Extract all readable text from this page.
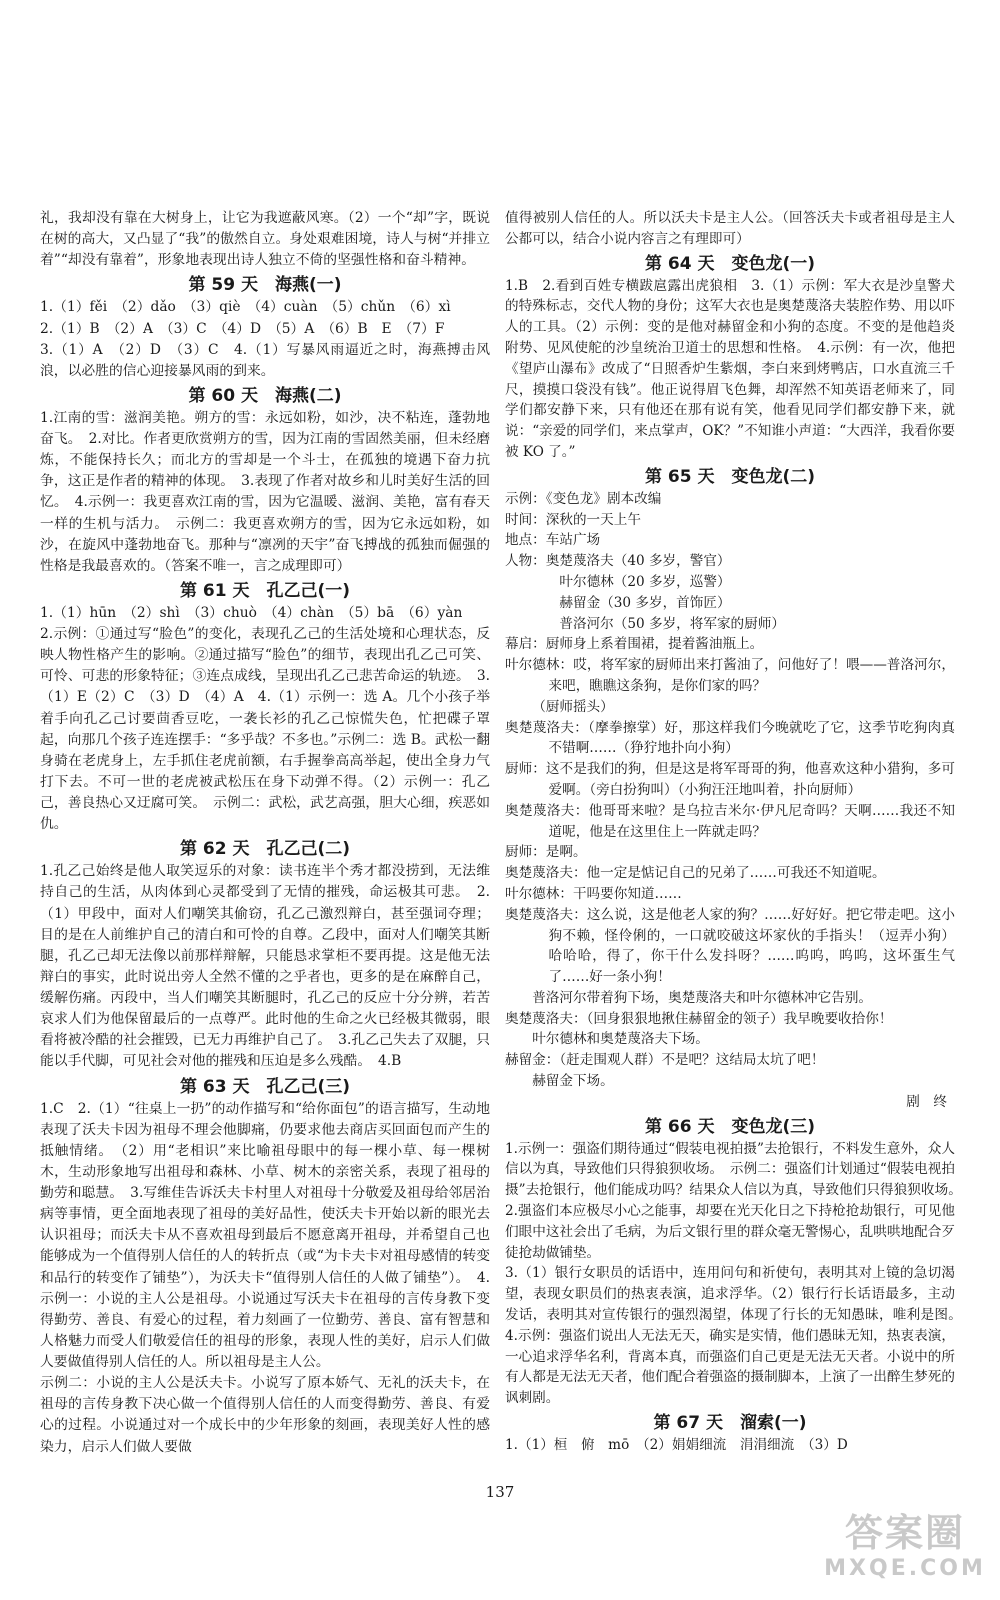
礼，我却没有靠在大树身上，让它为我遮蔽风寒。（2）一个“却”字，既说在树的高大，又凸显了“我”的傲然自立。身处艰难困境，诗人与树“并排立着”“却没有靠着”，形象地表现出诗人独立不倚的坚强性格和奋斗精神。

第 59 天　海燕(一)

1.（1）fěi　（2）dǎo　（3）qiè　（4）cuàn　（5）chǔn　（6）xì

2.（1）B　（2）A　（3）C　（4）D　（5）A　（6）B　E　（7）F

3.（1）A　（2）D　（3）C　4.（1）写暴风雨逼近之时，海燕搏击风浪，以必胜的信心迎接暴风雨的到来。

第 60 天　海燕(二)

1.江南的雪：滋润美艳。朔方的雪：永远如粉，如沙，决不粘连，蓬勃地奋飞。　2.对比。作者更欣赏朔方的雪，因为江南的雪固然美丽，但未经磨炼，不能保持长久；而北方的雪却是一个斗士，在孤独的境遇下奋力抗争，这正是作者的精神的体现。　3.表现了作者对故乡和儿时美好生活的回忆。　4.示例一：我更喜欢江南的雪，因为它温暖、滋润、美艳，富有春天一样的生机与活力。　示例二：我更喜欢朔方的雪，因为它永远如粉，如沙，在旋风中蓬勃地奋飞。那种与“凛冽的天宇”奋飞搏战的孤独而倔强的性格是我最喜欢的。（答案不唯一，言之成理即可）

第 61 天　孔乙己(一)

1.（1）hūn　（2）shì　（3）chuò　（4）chàn　（5）bā　（6）yàn

2.示例：①通过写“脸色”的变化，表现孔乙己的生活处境和心理状态，反映人物性格产生的影响。②通过描写“脸色”的细节，表现出孔乙己可笑、可怜、可悲的形象特征；③连点成线，呈现出孔乙己悲苦命运的轨迹。　3.（1）E（2）C　（3）D　（4）A　4.（1）示例一：选 A。几个小孩子举着手向孔乙己讨要茴香豆吃，一袭长衫的孔乙己惊慌失色，忙把碟子罩起，向那几个孩子连连摆手：“多乎哉？不多也。”示例二：选 B。武松一翻身骑在老虎身上，左手抓住老虎前额，右手握拳高高举起，使出全身力气打下去。不可一世的老虎被武松压在身下动弹不得。（2）示例一：孔乙己，善良热心又迂腐可笑。　示例二：武松，武艺高强，胆大心细，疾恶如仇。

第 62 天　孔乙己(二)

1.孔乙己始终是他人取笑逗乐的对象：读书连半个秀才都没捞到，无法维持自己的生活，从肉体到心灵都受到了无情的摧残，命运极其可悲。　2.（1）甲段中，面对人们嘲笑其偷窃，孔乙己激烈辩白，甚至强词夺理；目的是在人前维护自己的清白和可怜的自尊。乙段中，面对人们嘲笑其断腿，孔乙己却无法像以前那样辩解，只能恳求掌柜不要再提。这是他无法辩白的事实，此时说出旁人全然不懂的之乎者也，更多的是在麻醉自己，缓解伤痛。丙段中，当人们嘲笑其断腿时，孔乙己的反应十分分辨，若苦哀求人们为他保留最后的一点尊严。此时他的生命之火已经极其微弱，眼看将被冷酷的社会摧毁，已无力再维护自己了。　3.孔乙己失去了双腿，只能以手代脚，可见社会对他的摧残和压迫是多么残酷。　4.B

第 63 天　孔乙己(三)

1.C　2.（1）“往桌上一扔”的动作描写和“给你面包”的语言描写，生动地表现了沃夫卡因为祖母不理会他脚痛，仍要求他去商店买回面包而产生的抵触情绪。　（2）用“老相识”来比喻祖母眼中的每一棵小草、每一棵树木，生动形象地写出祖母和森林、小草、树木的亲密关系，表现了祖母的勤劳和聪慧。　3.写维佳告诉沃夫卡村里人对祖母十分敬爱及祖母给邻居治病等事情，更全面地表现了祖母的美好品性，使沃夫卡开始以新的眼光去认识祖母；而沃夫卡从不喜欢祖母到最后不愿意离开祖母，并希望自己也能够成为一个值得别人信任的人的转折点（或“为卡夫卡对祖母感情的转变和品行的转变作了铺垫”），为沃夫卡“值得别人信任的人做了铺垫”）。　4.示例一：小说的主人公是祖母。小说通过写沃夫卡在祖母的言传身教下变得勤劳、善良、有爱心的过程，着力刻画了一位勤劳、善良、富有智慧和人格魅力而受人们敬爱信任的祖母的形象，表现人性的美好，启示人们做人要做值得别人信任的人。所以祖母是主人公。

示例二：小说的主人公是沃夫卡。小说写了原本娇气、无礼的沃夫卡，在祖母的言传身教下决心做一个值得别人信任的人而变得勤劳、善良、有爱心的过程。小说通过对一个成长中的少年形象的刻画，表现美好人性的感染力，启示人们做人要做

值得被别人信任的人。所以沃夫卡是主人公。（回答沃夫卡或者祖母是主人公都可以，结合小说内容言之有理即可）

第 64 天　变色龙(一)

1.B　2.看到百姓专横跋扈露出虎狼相　3.（1）示例：军大衣是沙皇警犬的特殊标志，交代人物的身份；这军大衣也是奥楚蔑洛夫装腔作势、用以吓人的工具。（2）示例：变的是他对赫留金和小狗的态度。不变的是他趋炎附势、见风使舵的沙皇统治卫道士的思想和性格。　4.示例：有一次，他把《望庐山瀑布》改成了“日照香炉生紫烟，李白来到烤鸭店，口水直流三千尺，摸摸口袋没有钱”。他正说得眉飞色舞，却浑然不知英语老师来了，同学们都安静下来，只有他还在那有说有笑，他看见同学们都安静下来，就说：“亲爱的同学们，来点掌声，OK？”不知谁小声道：“大西洋，我看你要被 KO 了。”

第 65 天　变色龙(二)

示例：《变色龙》剧本改编

时间：深秋的一天上午

地点：车站广场

人物：奥楚蔑洛夫（40 多岁，警官）

叶尔德林（20 多岁，巡警）

赫留金（30 多岁，首饰匠）

普洛河尔（50 多岁，将军家的厨师）

幕启：厨师身上系着围裙，提着酱油瓶上。

叶尔德林：哎，将军家的厨师出来打酱油了，问他好了！喂——普洛河尔，来吧，瞧瞧这条狗，是你们家的吗？

（厨师摇头）

奥楚蔑洛夫：（摩拳擦掌）好，那这样我们今晚就吃了它，这季节吃狗肉真不错啊……（狰狞地扑向小狗）

厨师：这不是我们的狗，但是这是将军哥哥的狗，他喜欢这种小猎狗，多可爱啊。（旁白扮狗叫）（小狗汪汪地叫着，扑向厨师）

奥楚蔑洛夫：他哥哥来啦？是乌拉吉米尔·伊凡尼奇吗？天啊……我还不知道呢，他是在这里住上一阵就走吗？

厨师：是啊。

奥楚蔑洛夫：他一定是惦记自己的兄弟了……可我还不知道呢。

叶尔德林：干吗要你知道……

奥楚蔑洛夫：这么说，这是他老人家的狗？……好好好。把它带走吧。这小狗不赖，怪伶俐的，一口就咬破这坏家伙的手指头！（逗弄小狗）哈哈哈，得了，你干什么发抖呀？……呜呜，呜呜，这坏蛋生气了……好一条小狗！

普洛河尔带着狗下场，奥楚蔑洛夫和叶尔德林冲它告别。

奥楚蔑洛夫：（回身狠狠地揪住赫留金的领子）我早晚要收拾你！

叶尔德林和奥楚蔑洛夫下场。

赫留金：（赶走围观人群）不是吧？这结局太坑了吧！

赫留金下场。

剧　终

第 66 天　变色龙(三)

1.示例一：强盗们期待通过“假装电视拍摄”去抢银行，不料发生意外，众人信以为真，导致他们只得狼狈收场。　示例二：强盗们计划通过“假装电视拍摄”去抢银行，他们能成功吗？结果众人信以为真，导致他们只得狼狈收场。　2.强盗们本应极尽小心之能事，却要在光天化日之下持枪抢劫银行，可见他们眼中这社会出了毛病，为后文银行里的群众毫无警惕心，乱哄哄地配合歹徒抢劫做铺垫。

3.（1）银行女职员的话语中，连用问句和祈使句，表明其对上镜的急切渴望，表现女职员们的热衷表演，追求浮华。（2）银行行长话语最多，主动发话，表明其对宣传银行的强烈渴望，体现了行长的无知愚昧，唯利是图。　4.示例：强盗们说出人无法无天，确实是实情，他们愚昧无知，热衷表演，一心追求浮华名利，背离本真，而强盗们自己更是无法无天者。小说中的所有人都是无法无天者，他们配合着强盗的摄制脚本，上演了一出醉生梦死的讽刺剧。

第 67 天　溜索(一)

1.（1）桓　俯　mō　（2）娟娟细流　涓涓细流　（3）D

137
答案圈
MXQE.COM
